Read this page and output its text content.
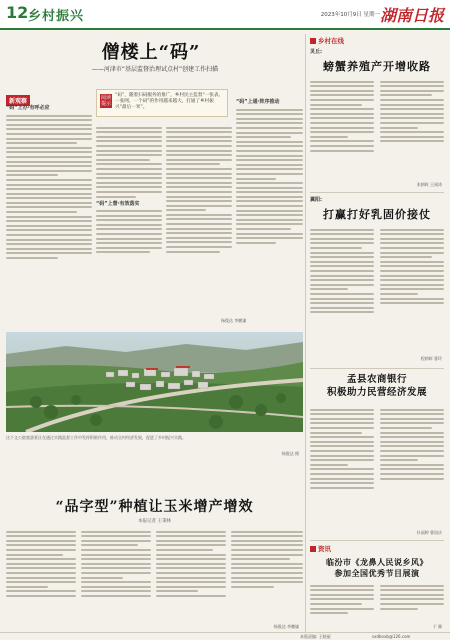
12 乡村振兴	2023年10月9日 星期一 湖南日报
僧楼上“码”
——河津市“基层监督治理试点村”创建工作扫描
新观察	阅读提示
“码”，随着扫码服务的推广，乡村民主监督“一张表、一张网、一个码”的作用越来越大，打通了乡村振兴“最后一米”。
“码”上办·有呼必应
“码”上督·有效落实
“码”上通·阵序推动
杨俊达 李鹏谦
这个文公院旅游景区在通过实践监督工作中发挥积极作用，推动全村经济发展，促进了乡村振兴实践。
杨俊达 摄
“品字型”种植让玉米增产增效
本报记者 王秉林
杨俊达 李鹏谦
乡村在线
灵丘:
螃蟹养殖产开增收路
张朝晖 王闻涛
翼阳:
打赢打好乳固价接仗
程朝晖 曹玲
孟县农商银行
积极助力民营经济发展
杜丽婷 曹国庆
资讯
临汾市《龙鼻人民说乡风》
参加全国优秀节目展演
于 顺
本版责编: 王晓丽	sxdbnxb@126.com
